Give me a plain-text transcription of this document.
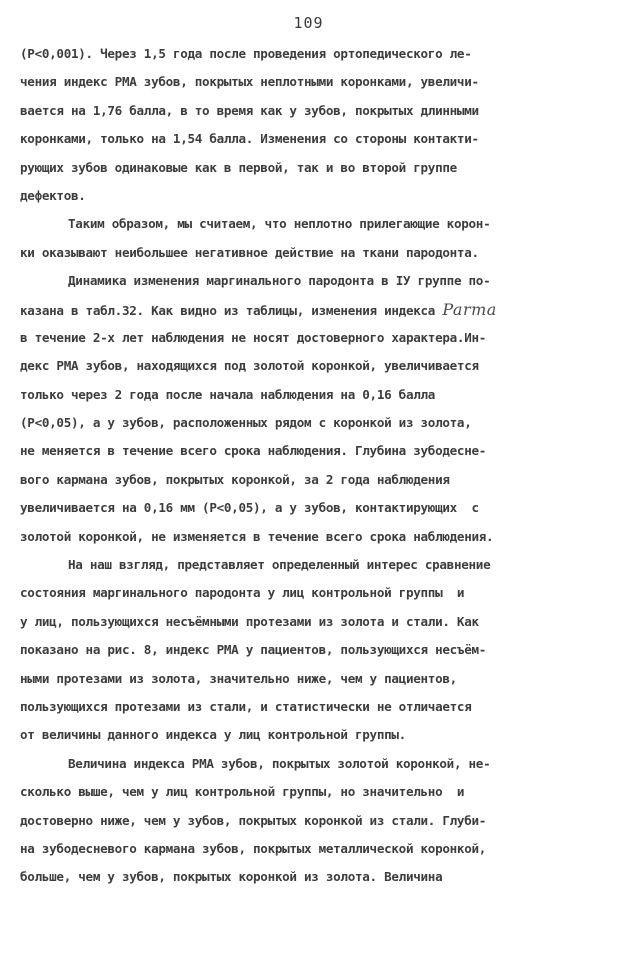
109
(P<0,001). Через 1,5 года после проведения ортопедического ле-
чения индекс РМА зубов, покрытых неплотными коронками, увеличи-
вается на 1,76 балла, в то время как у зубов, покрытых длинными
коронками, только на 1,54 балла. Изменения со стороны контакти-
рующих зубов одинаковые как в первой, так и во второй группе
дефектов.
Таким образом, мы считаем, что неплотно прилегающие корон-
ки оказывают неибольшее негативное действие на ткани пародонта.
Динамика изменения маргинального пародонта в IУ группе по-
казана в табл.32. Как видно из таблицы, изменения индекса Parma
в течение 2-х лет наблюдения не носят достоверного характера.Ин-
декс РМА зубов, находящихся под золотой коронкой, увеличивается
только через 2 года после начала наблюдения на 0,16 балла
(P<0,05), а у зубов, расположенных рядом с коронкой из золота,
не меняется в течение всего срока наблюдения. Глубина зубодесне-
вого кармана зубов, покрытых коронкой, за 2 года наблюдения
увеличивается на 0,16 мм (P<0,05), а у зубов, контактирующих  с
золотой коронкой, не изменяется в течение всего срока наблюдения.
На наш взгляд, представляет определенный интерес сравнение
состояния маргинального пародонта у лиц контрольной группы  и
у лиц, пользующихся несъёмными протезами из золота и стали. Как
показано на рис. 8, индекс РМА у пациентов, пользующихся несъём-
ными протезами из золота, значительно ниже, чем у пациентов,
пользующихся протезами из стали, и статистически не отличается
от величины данного индекса у лиц контрольной группы.
Величина индекса РМА зубов, покрытых золотой коронкой, не-
сколько выше, чем у лиц контрольной группы, но значительно  и
достоверно ниже, чем у зубов, покрытых коронкой из стали. Глуби-
на зубодесневого кармана зубов, покрытых металлической коронкой,
больше, чем у зубов, покрытых коронкой из золота. Величина
